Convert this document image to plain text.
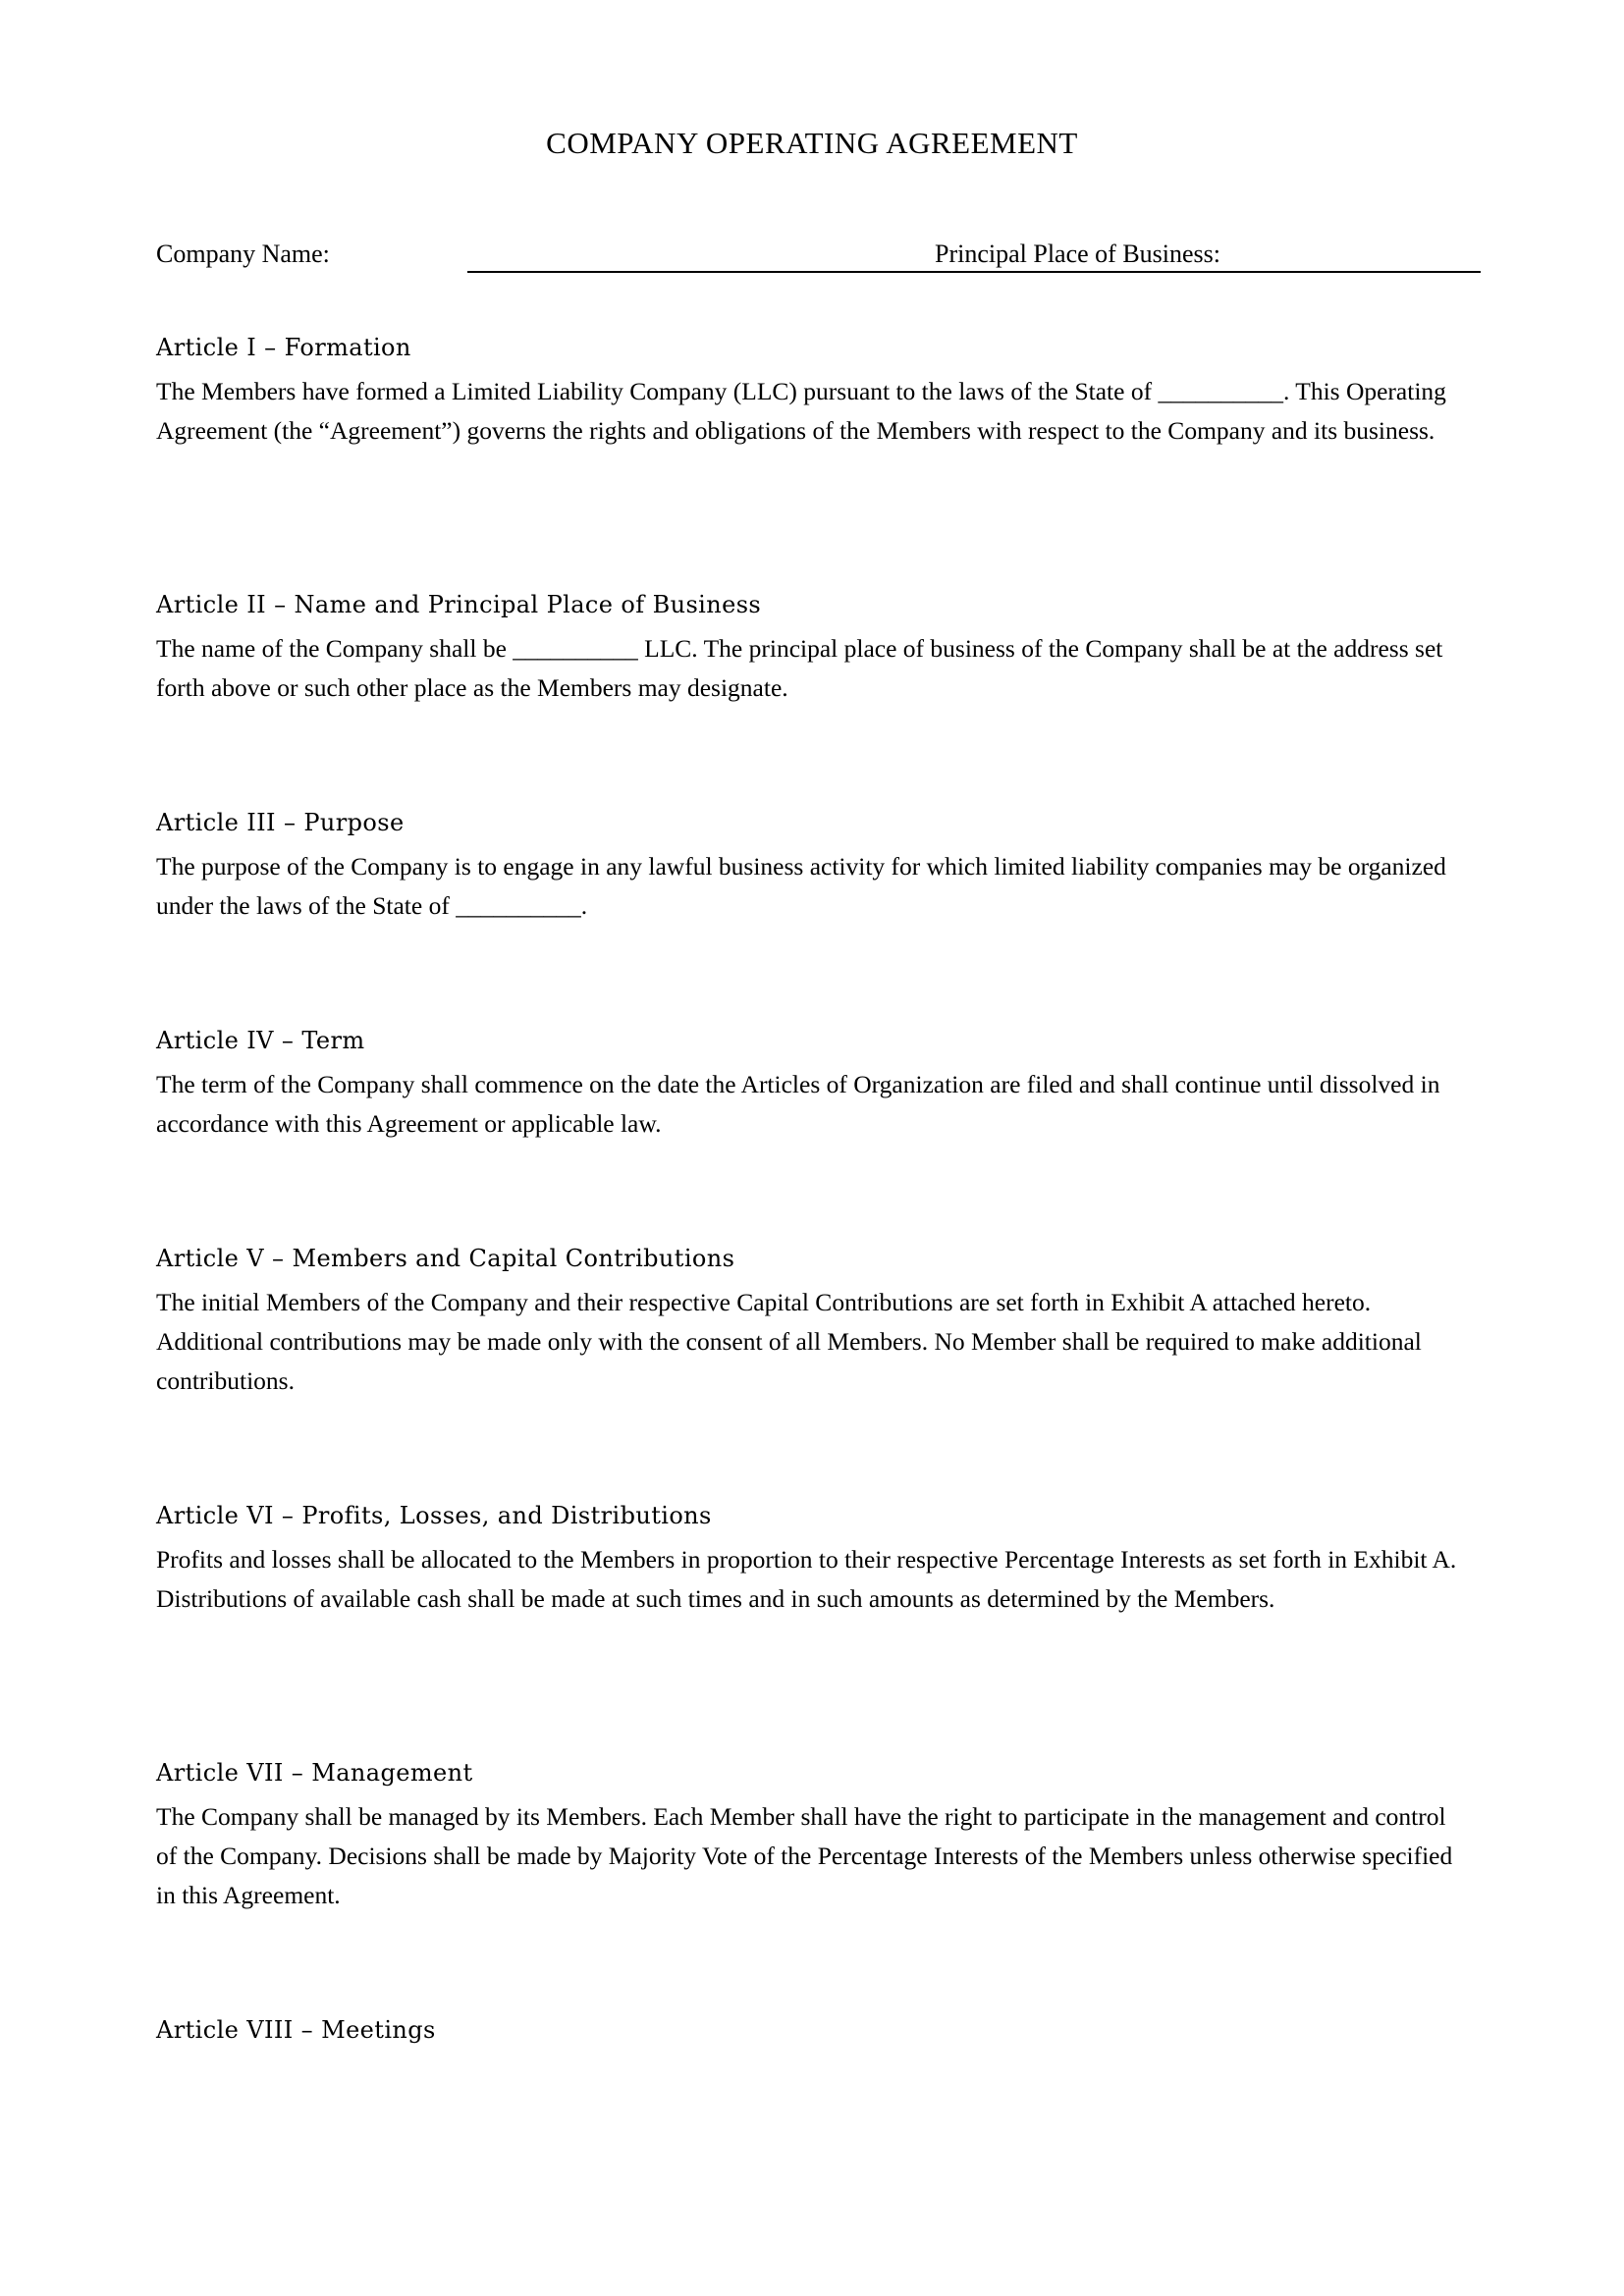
COMPANY OPERATING AGREEMENT
Company Name:	Principal Place of Business:
Article I – Formation

The Members have formed a Limited Liability Company (LLC) pursuant to the laws of the State of __________. This Operating Agreement (the “Agreement”) governs the rights and obligations of the Members with respect to the Company and its business.

Article II – Name and Principal Place of Business

The name of the Company shall be __________ LLC. The principal place of business of the Company shall be at the address set forth above or such other place as the Members may designate.

Article III – Purpose

The purpose of the Company is to engage in any lawful business activity for which limited liability companies may be organized under the laws of the State of __________.

Article IV – Term

The term of the Company shall commence on the date the Articles of Organization are filed and shall continue until dissolved in accordance with this Agreement or applicable law.

Article V – Members and Capital Contributions

The initial Members of the Company and their respective Capital Contributions are set forth in Exhibit A attached hereto. Additional contributions may be made only with the consent of all Members. No Member shall be required to make additional contributions.

Article VI – Profits, Losses, and Distributions

Profits and losses shall be allocated to the Members in proportion to their respective Percentage Interests as set forth in Exhibit A. Distributions of available cash shall be made at such times and in such amounts as determined by the Members.

Article VII – Management

The Company shall be managed by its Members. Each Member shall have the right to participate in the management and control of the Company. Decisions shall be made by Majority Vote of the Percentage Interests of the Members unless otherwise specified in this Agreement.

Article VIII – Meetings
